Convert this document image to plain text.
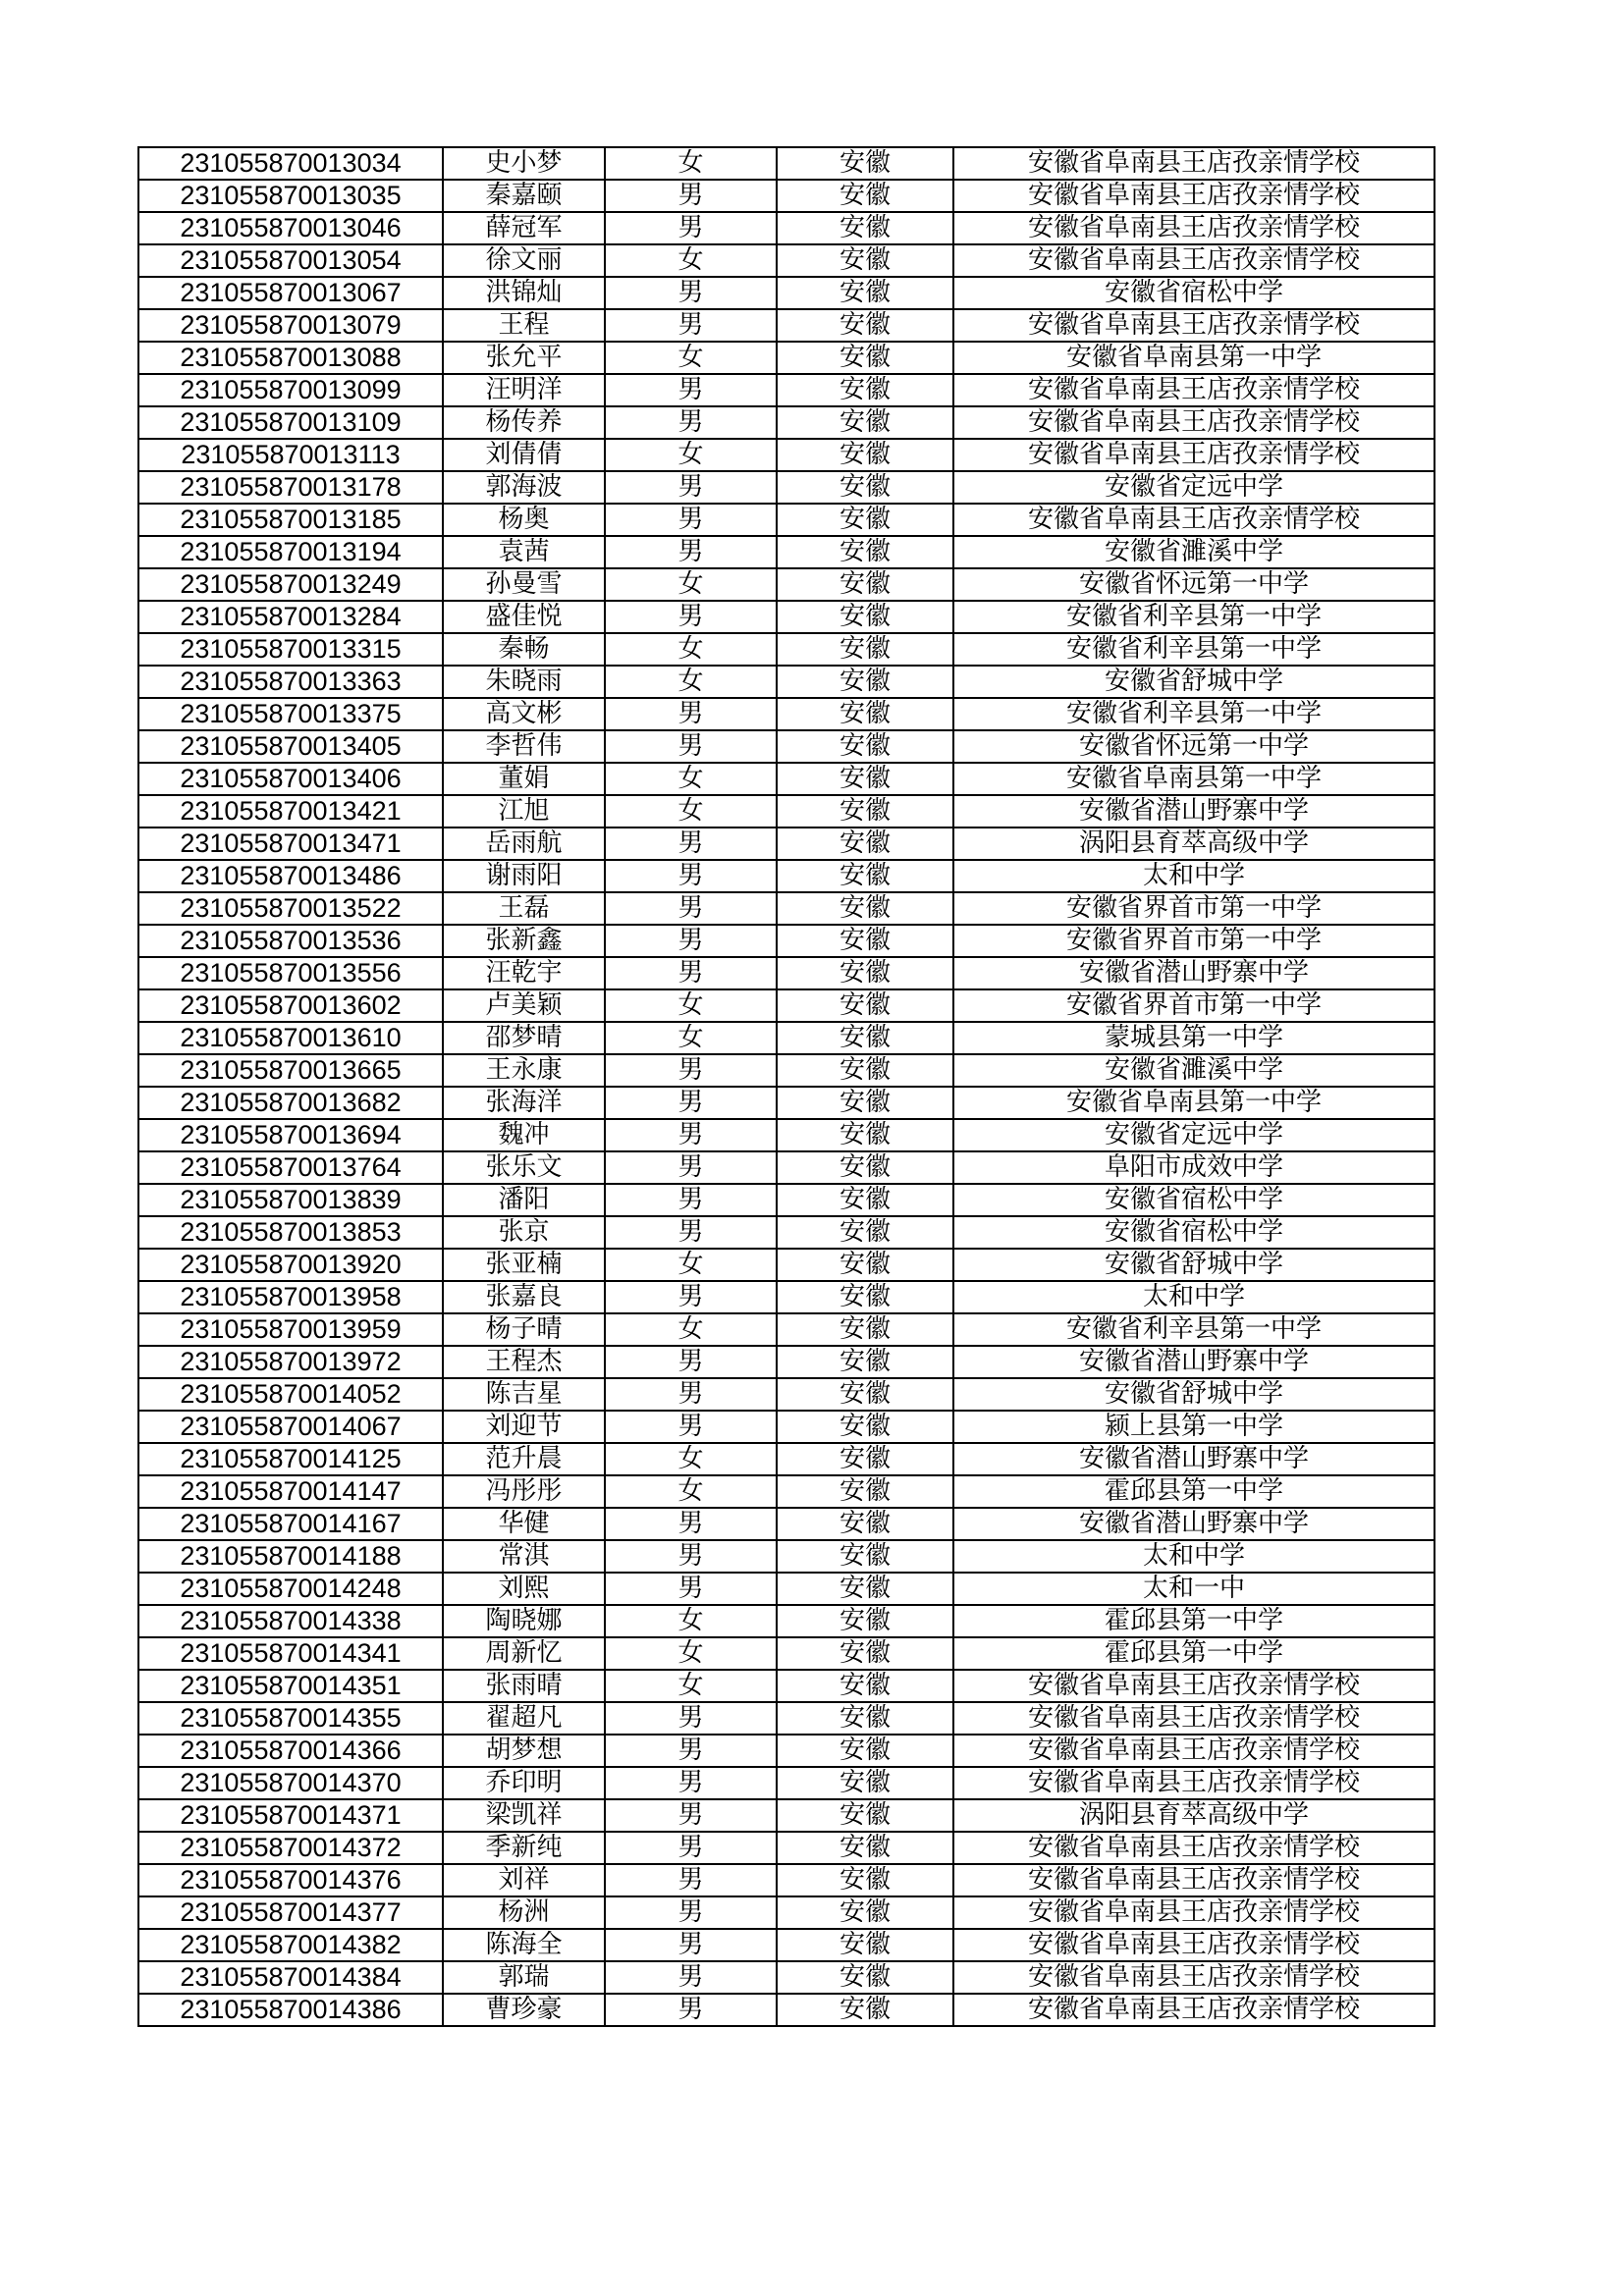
231055870013034	史小梦	女	安徽	安徽省阜南县王店孜亲情学校
231055870013035	秦嘉颐	男	安徽	安徽省阜南县王店孜亲情学校
231055870013046	薛冠军	男	安徽	安徽省阜南县王店孜亲情学校
231055870013054	徐文丽	女	安徽	安徽省阜南县王店孜亲情学校
231055870013067	洪锦灿	男	安徽	安徽省宿松中学
231055870013079	王程	男	安徽	安徽省阜南县王店孜亲情学校
231055870013088	张允平	女	安徽	安徽省阜南县第一中学
231055870013099	汪明洋	男	安徽	安徽省阜南县王店孜亲情学校
231055870013109	杨传养	男	安徽	安徽省阜南县王店孜亲情学校
231055870013113	刘倩倩	女	安徽	安徽省阜南县王店孜亲情学校
231055870013178	郭海波	男	安徽	安徽省定远中学
231055870013185	杨奥	男	安徽	安徽省阜南县王店孜亲情学校
231055870013194	袁茜	男	安徽	安徽省濉溪中学
231055870013249	孙曼雪	女	安徽	安徽省怀远第一中学
231055870013284	盛佳悦	男	安徽	安徽省利辛县第一中学
231055870013315	秦畅	女	安徽	安徽省利辛县第一中学
231055870013363	朱晓雨	女	安徽	安徽省舒城中学
231055870013375	高文彬	男	安徽	安徽省利辛县第一中学
231055870013405	李哲伟	男	安徽	安徽省怀远第一中学
231055870013406	董娟	女	安徽	安徽省阜南县第一中学
231055870013421	江旭	女	安徽	安徽省潜山野寨中学
231055870013471	岳雨航	男	安徽	涡阳县育萃高级中学
231055870013486	谢雨阳	男	安徽	太和中学
231055870013522	王磊	男	安徽	安徽省界首市第一中学
231055870013536	张新鑫	男	安徽	安徽省界首市第一中学
231055870013556	汪乾宇	男	安徽	安徽省潜山野寨中学
231055870013602	卢美颖	女	安徽	安徽省界首市第一中学
231055870013610	邵梦晴	女	安徽	蒙城县第一中学
231055870013665	王永康	男	安徽	安徽省濉溪中学
231055870013682	张海洋	男	安徽	安徽省阜南县第一中学
231055870013694	魏冲	男	安徽	安徽省定远中学
231055870013764	张乐文	男	安徽	阜阳市成效中学
231055870013839	潘阳	男	安徽	安徽省宿松中学
231055870013853	张京	男	安徽	安徽省宿松中学
231055870013920	张亚楠	女	安徽	安徽省舒城中学
231055870013958	张嘉良	男	安徽	太和中学
231055870013959	杨子晴	女	安徽	安徽省利辛县第一中学
231055870013972	王程杰	男	安徽	安徽省潜山野寨中学
231055870014052	陈吉星	男	安徽	安徽省舒城中学
231055870014067	刘迎节	男	安徽	颍上县第一中学
231055870014125	范升晨	女	安徽	安徽省潜山野寨中学
231055870014147	冯彤彤	女	安徽	霍邱县第一中学
231055870014167	华健	男	安徽	安徽省潜山野寨中学
231055870014188	常淇	男	安徽	太和中学
231055870014248	刘熙	男	安徽	太和一中
231055870014338	陶晓娜	女	安徽	霍邱县第一中学
231055870014341	周新忆	女	安徽	霍邱县第一中学
231055870014351	张雨晴	女	安徽	安徽省阜南县王店孜亲情学校
231055870014355	翟超凡	男	安徽	安徽省阜南县王店孜亲情学校
231055870014366	胡梦想	男	安徽	安徽省阜南县王店孜亲情学校
231055870014370	乔印明	男	安徽	安徽省阜南县王店孜亲情学校
231055870014371	梁凯祥	男	安徽	涡阳县育萃高级中学
231055870014372	季新纯	男	安徽	安徽省阜南县王店孜亲情学校
231055870014376	刘祥	男	安徽	安徽省阜南县王店孜亲情学校
231055870014377	杨洲	男	安徽	安徽省阜南县王店孜亲情学校
231055870014382	陈海全	男	安徽	安徽省阜南县王店孜亲情学校
231055870014384	郭瑞	男	安徽	安徽省阜南县王店孜亲情学校
231055870014386	曹珍豪	男	安徽	安徽省阜南县王店孜亲情学校
